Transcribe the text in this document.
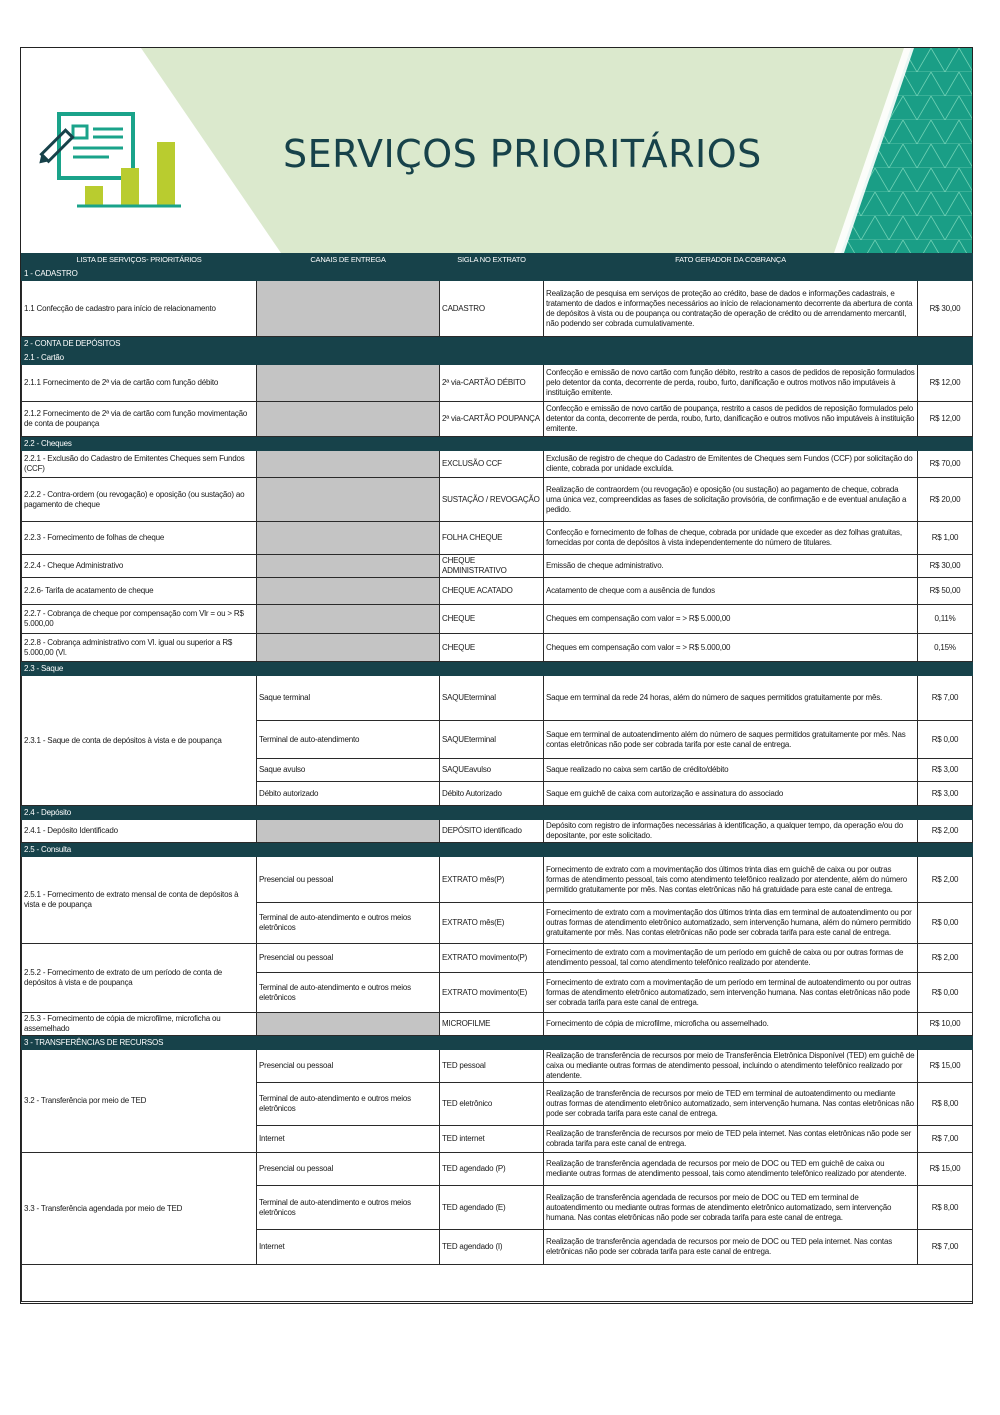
SERVIÇOS PRIORITÁRIOS
LISTA DE SERVIÇOS- PRIORITÁRIOS	CANAIS DE ENTREGA	SIGLA NO EXTRATO	FATO GERADOR DA COBRANÇA	
1 - CADASTRO				
1.1 Confecção de cadastro para início de relacionamento		CADASTRO	Realização de pesquisa em serviços de proteção ao crédito, base de dados e informações cadastrais, e tratamento de dados e informações necessários ao início de relacionamento decorrente da abertura de conta de depósitos à vista ou de poupança ou contratação de operação de crédito ou de arrendamento mercantil, não podendo ser cobrada cumulativamente.	R$ 30,00
2 - CONTA DE DEPÓSITOS				
2.1 - Cartão				
2.1.1 Fornecimento de 2ª via de cartão com função débito		2ª via-CARTÃO DÉBITO	Confecção e emissão de novo cartão com função débito, restrito a casos de pedidos de reposição formulados pelo detentor da conta, decorrente de perda, roubo, furto, danificação e outros motivos não imputáveis à instituição emitente.	R$ 12,00
2.1.2 Fornecimento de 2ª via de cartão com função movimentação de conta de poupança		2ª via-CARTÃO POUPANÇA	Confecção e emissão de novo cartão de poupança, restrito a casos de pedidos de reposição formulados pelo detentor da conta, decorrente de perda, roubo, furto, danificação e outros motivos não imputáveis à instituição emitente.	R$ 12,00
2.2 - Cheques				
2.2.1 - Exclusão do Cadastro de Emitentes Cheques sem Fundos (CCF)		EXCLUSÃO CCF	Exclusão de registro de cheque do Cadastro de Emitentes de Cheques sem Fundos (CCF) por solicitação do cliente, cobrada por unidade excluída.	R$ 70,00
2.2.2 - Contra-ordem (ou revogação) e oposição (ou sustação) ao pagamento de cheque		SUSTAÇÃO / REVOGAÇÃO	Realização de contraordem (ou revogação) e oposição (ou sustação) ao pagamento de cheque, cobrada uma única vez, compreendidas as fases de solicitação provisória, de confirmação e de eventual anulação a pedido.	R$ 20,00
2.2.3 - Fornecimento de folhas de cheque		FOLHA CHEQUE	Confecção e fornecimento de folhas de cheque, cobrada por unidade que exceder as dez folhas gratuitas, fornecidas por conta de depósitos à vista independentemente do número de titulares.	R$ 1,00
2.2.4 - Cheque Administrativo		CHEQUE ADMINISTRATIVO	Emissão de cheque administrativo.	R$ 30,00
2.2.6- Tarifa de acatamento de cheque		CHEQUE ACATADO	Acatamento de cheque com a ausência de fundos	R$ 50,00
2.2.7 - Cobrança de cheque por compensação com Vlr = ou > R$ 5.000,00		CHEQUE	Cheques em compensação com valor = > R$ 5.000,00	0,11%
2.2.8 - Cobrança administrativo com Vl. igual ou superior a R$ 5.000,00 (Vl.		CHEQUE	Cheques em compensação com valor = > R$ 5.000,00	0,15%
2.3 - Saque				
2.3.1 - Saque de conta de depósitos à vista e de poupança	Saque terminal	SAQUEterminal	Saque em terminal da rede 24 horas, além do número de saques permitidos gratuitamente por mês.	R$ 7,00
	Terminal de auto-atendimento	SAQUEterminal	Saque em terminal de autoatendimento além do número de saques permitidos gratuitamente por mês. Nas contas eletrônicas não pode ser cobrada tarifa por este canal de entrega.	R$ 0,00
	Saque avulso	SAQUEavulso	Saque realizado no caixa sem cartão de crédito/débito	R$ 3,00
	Débito autorizado	Débito Autorizado	Saque em guichê de caixa com autorização e assinatura do associado	R$ 3,00
2.4 - Depósito				
2.4.1 - Depósito Identificado		DEPÓSITO identificado	Depósito com registro de informações necessárias à identificação, a qualquer tempo, da operação e/ou do depositante, por este solicitado.	R$ 2,00
2.5 - Consulta				
2.5.1 - Fornecimento de extrato mensal de conta de depósitos à vista e de poupança	Presencial ou pessoal	EXTRATO mês(P)	Fornecimento de extrato com a movimentação dos últimos trinta dias em guichê de caixa ou por outras formas de atendimento pessoal, tais como atendimento telefônico realizado por atendente, além do número permitido gratuitamente por mês. Nas contas eletrônicas não há gratuidade para este canal de entrega.	R$ 2,00
	Terminal de auto-atendimento e outros meios eletrônicos	EXTRATO mês(E)	Fornecimento de extrato com a movimentação dos últimos trinta dias em terminal de autoatendimento ou por outras formas de atendimento eletrônico automatizado, sem intervenção humana, além do número permitido gratuitamente por mês. Nas contas eletrônicas não pode ser cobrada tarifa para este canal de entrega.	R$ 0,00
2.5.2 - Fornecimento de extrato de um período de conta de depósitos à vista e de poupança	Presencial ou pessoal	EXTRATO movimento(P)	Fornecimento de extrato com a movimentação de um período em guichê de caixa ou por outras formas de atendimento pessoal, tal como atendimento telefônico realizado por atendente.	R$ 2,00
	Terminal de auto-atendimento e outros meios eletrônicos	EXTRATO movimento(E)	Fornecimento de extrato com a movimentação de um período em terminal de autoatendimento ou por outras formas de atendimento eletrônico automatizado, sem intervenção humana. Nas contas eletrônicas não pode ser cobrada tarifa para este canal de entrega.	R$ 0,00
2.5.3 - Fornecimento de cópia de microfilme, microficha ou assemelhado		MICROFILME	Fornecimento de cópia de microfilme, microficha ou assemelhado.	R$ 10,00
3 - TRANSFERÊNCIAS DE RECURSOS				
3.2 - Transferência por meio de TED	Presencial ou pessoal	TED pessoal	Realização de transferência de recursos por meio de Transferência Eletrônica Disponível (TED) em guichê de caixa ou mediante outras formas de atendimento pessoal, incluindo o atendimento telefônico realizado por atendente.	R$ 15,00
	Terminal de auto-atendimento e outros meios eletrônicos	TED eletrônico	Realização de transferência de recursos por meio de TED em terminal de autoatendimento ou mediante outras formas de atendimento eletrônico automatizado, sem intervenção humana. Nas contas eletrônicas não pode ser cobrada tarifa para este canal de entrega.	R$ 8,00
	Internet	TED internet	Realização de transferência de recursos por meio de TED pela internet. Nas contas eletrônicas não pode ser cobrada tarifa para este canal de entrega.	R$ 7,00
3.3 - Transferência agendada por meio de TED	Presencial ou pessoal	TED agendado (P)	Realização de transferência agendada de recursos por meio de DOC ou TED em guichê de caixa ou mediante outras formas de atendimento pessoal, tais como atendimento telefônico realizado por atendente.	R$ 15,00
	Terminal de auto-atendimento e outros meios eletrônicos	TED agendado (E)	Realização de transferência agendada de recursos por meio de DOC ou TED em terminal de autoatendimento ou mediante outras formas de atendimento eletrônico automatizado, sem intervenção humana. Nas contas eletrônicas não pode ser cobrada tarifa para este canal de entrega.	R$ 8,00
	Internet	TED agendado (I)	Realização de transferência agendada de recursos por meio de DOC ou TED pela internet. Nas contas eletrônicas não pode ser cobrada tarifa para este canal de entrega.	R$ 7,00
